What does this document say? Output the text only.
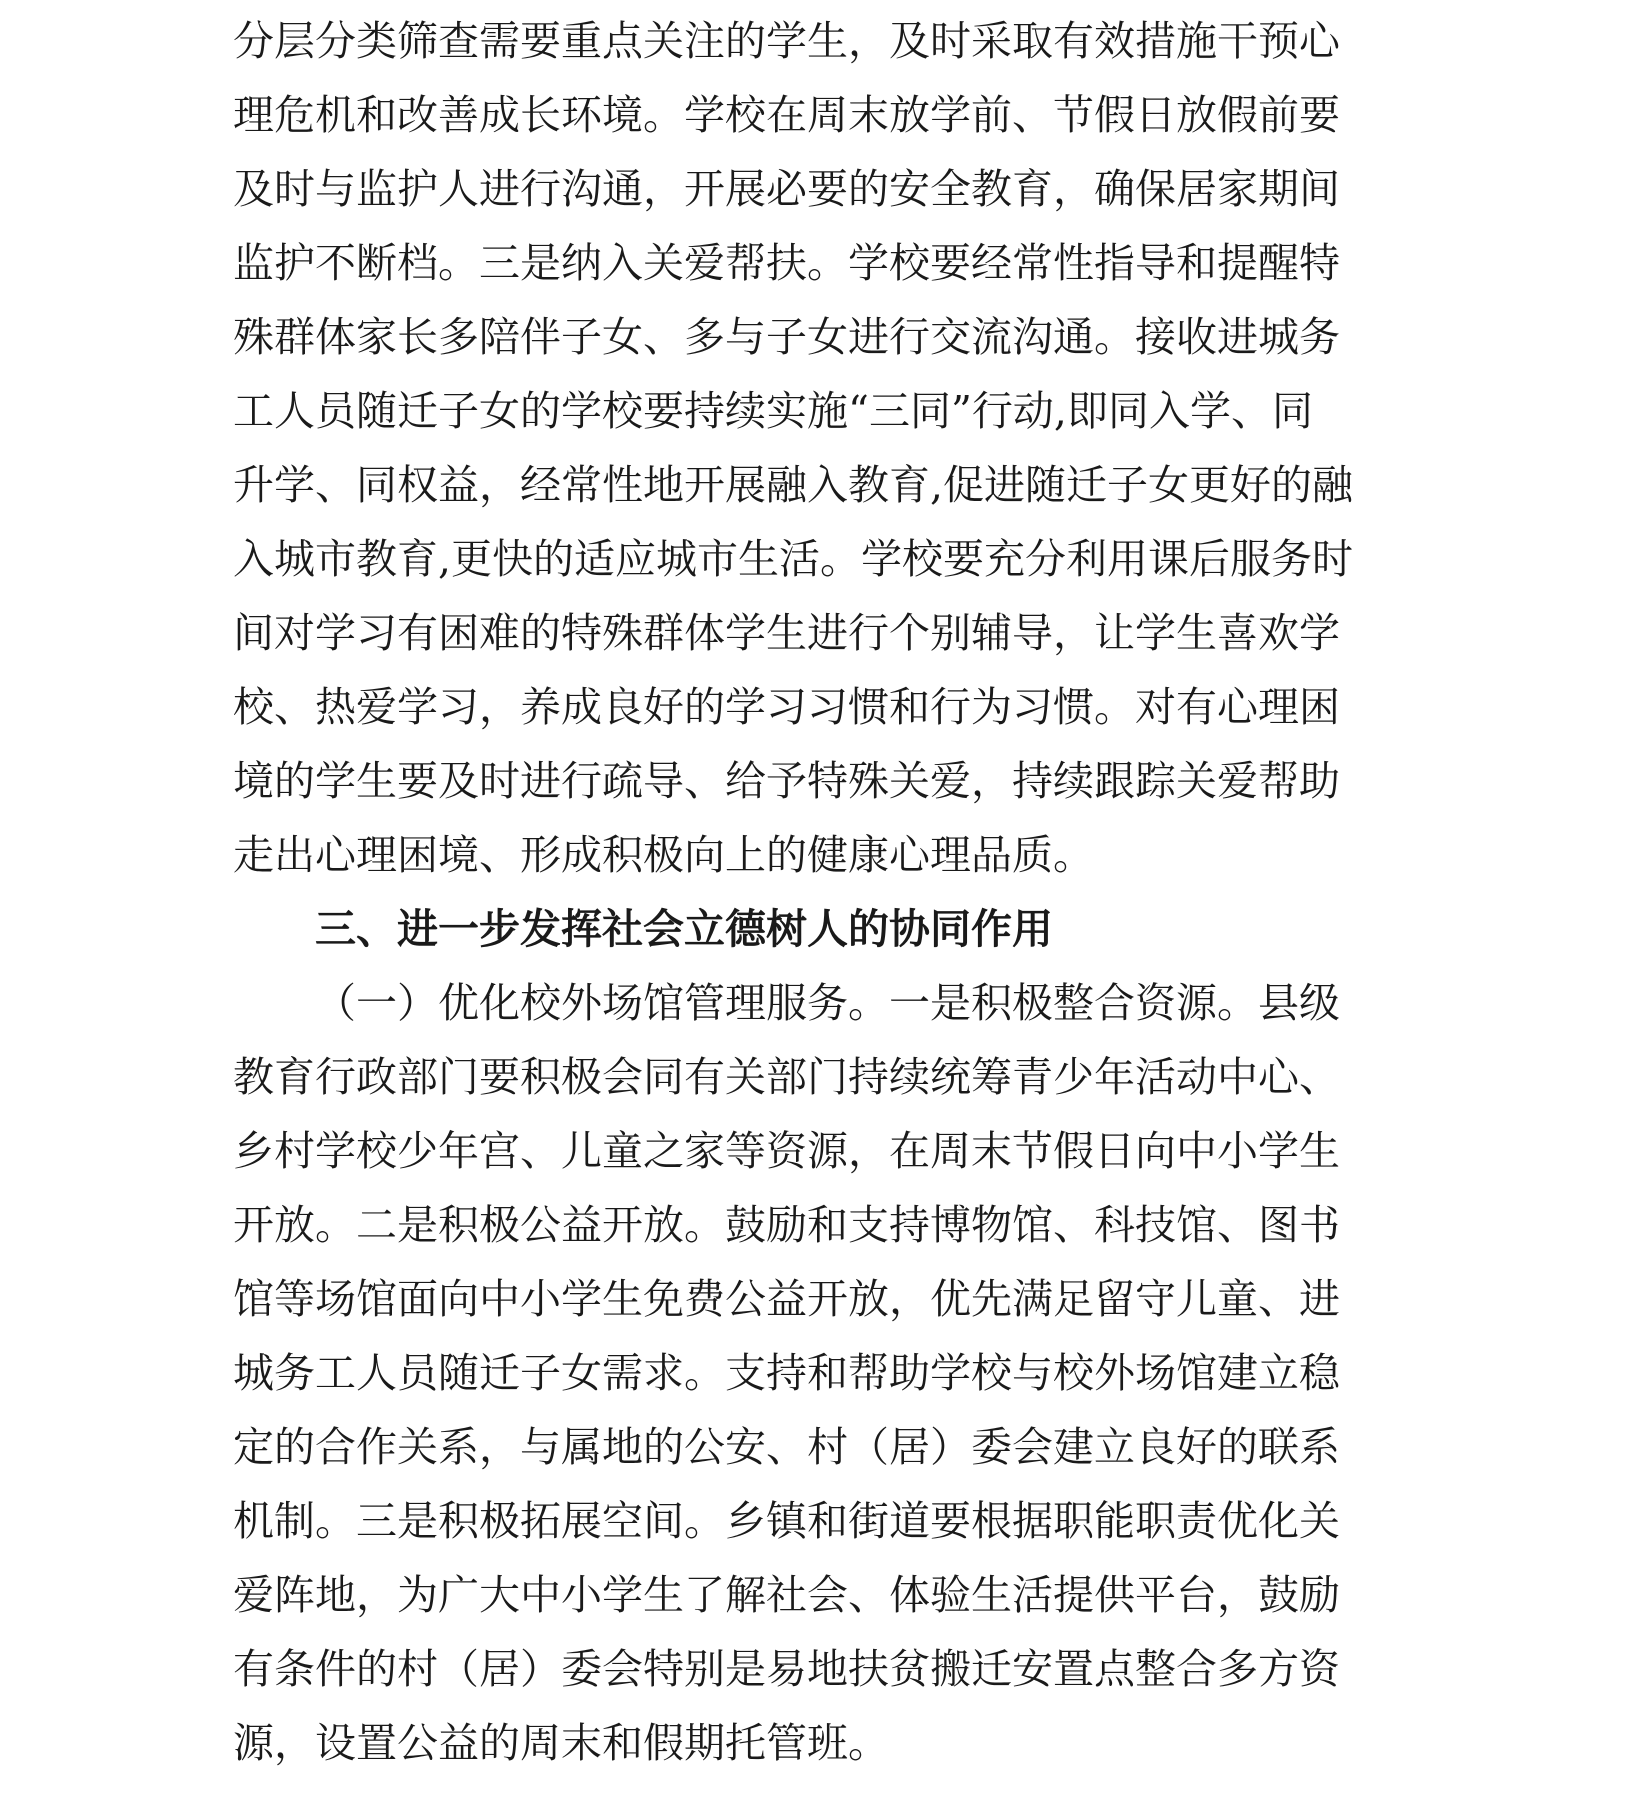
分层分类筛查需要重点关注的学生，及时采取有效措施干预心
理危机和改善成长环境。学校在周末放学前、节假日放假前要
及时与监护人进行沟通，开展必要的安全教育，确保居家期间
监护不断档。三是纳入关爱帮扶。学校要经常性指导和提醒特
殊群体家长多陪伴子女、多与子女进行交流沟通。接收进城务
工人员随迁子女的学校要持续实施“三同”行动,即同入学、同
升学、同权益，经常性地开展融入教育,促进随迁子女更好的融
入城市教育,更快的适应城市生活。学校要充分利用课后服务时
间对学习有困难的特殊群体学生进行个别辅导，让学生喜欢学
校、热爱学习，养成良好的学习习惯和行为习惯。对有心理困
境的学生要及时进行疏导、给予特殊关爱，持续跟踪关爱帮助
走出心理困境、形成积极向上的健康心理品质。
三、进一步发挥社会立德树人的协同作用
（一）优化校外场馆管理服务。一是积极整合资源。县级
教育行政部门要积极会同有关部门持续统筹青少年活动中心、
乡村学校少年宫、儿童之家等资源，在周末节假日向中小学生
开放。二是积极公益开放。鼓励和支持博物馆、科技馆、图书
馆等场馆面向中小学生免费公益开放，优先满足留守儿童、进
城务工人员随迁子女需求。支持和帮助学校与校外场馆建立稳
定的合作关系，与属地的公安、村（居）委会建立良好的联系
机制。三是积极拓展空间。乡镇和街道要根据职能职责优化关
爱阵地，为广大中小学生了解社会、体验生活提供平台，鼓励
有条件的村（居）委会特别是易地扶贫搬迁安置点整合多方资
源，设置公益的周末和假期托管班。
